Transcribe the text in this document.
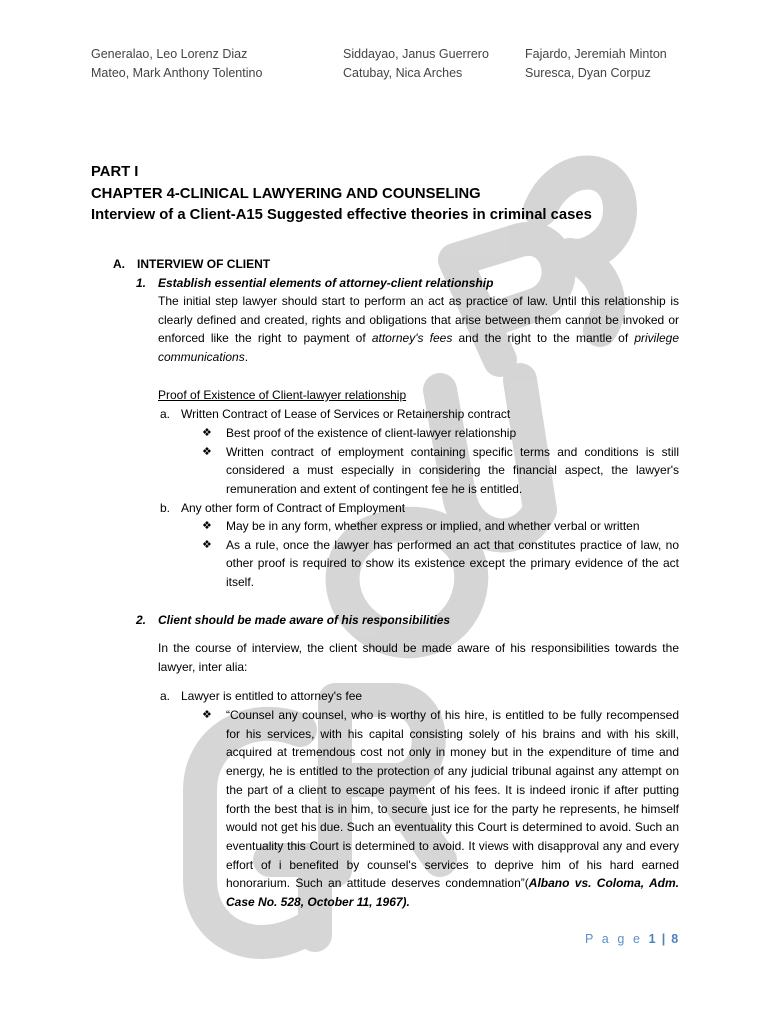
Generalao, Leo Lorenz Diaz	Siddayao, Janus Guerrero	Fajardo, Jeremiah Minton
Mateo, Mark Anthony Tolentino	Catubay, Nica Arches	Suresca, Dyan Corpuz
PART I
CHAPTER 4-CLINICAL LAWYERING AND COUNSELING
Interview of a Client-A15 Suggested effective theories in criminal cases
A. INTERVIEW OF CLIENT
1. Establish essential elements of attorney-client relationship
The initial step lawyer should start to perform an act as practice of law. Until this relationship is clearly defined and created, rights and obligations that arise between them cannot be invoked or enforced like the right to payment of attorney's fees and the right to the mantle of privilege communications.
Proof of Existence of Client-lawyer relationship
a. Written Contract of Lease of Services or Retainership contract
❖ Best proof of the existence of client-lawyer relationship
❖ Written contract of employment containing specific terms and conditions is still considered a must especially in considering the financial aspect, the lawyer's remuneration and extent of contingent fee he is entitled.
b. Any other form of Contract of Employment
❖ May be in any form, whether express or implied, and whether verbal or written
❖ As a rule, once the lawyer has performed an act that constitutes practice of law, no other proof is required to show its existence except the primary evidence of the act itself.
2. Client should be made aware of his responsibilities
In the course of interview, the client should be made aware of his responsibilities towards the lawyer, inter alia:
a. Lawyer is entitled to attorney's fee
❖ “Counsel any counsel, who is worthy of his hire, is entitled to be fully recompensed for his services, with his capital consisting solely of his brains and with his skill, acquired at tremendous cost not only in money but in the expenditure of time and energy, he is entitled to the protection of any judicial tribunal against any attempt on the part of a client to escape payment of his fees. It is indeed ironic if after putting forth the best that is in him, to secure just ice for the party he represents, he himself would not get his due. Such an eventuality this Court is determined to avoid. Such an eventuality this Court is determined to avoid. It views with disapproval any and every effort of i benefited by counsel's services to deprive him of his hard earned honorarium. Such an attitude deserves condemnation”(Albano vs. Coloma, Adm. Case No. 528, October 11, 1967).
P a g e 1 | 8
